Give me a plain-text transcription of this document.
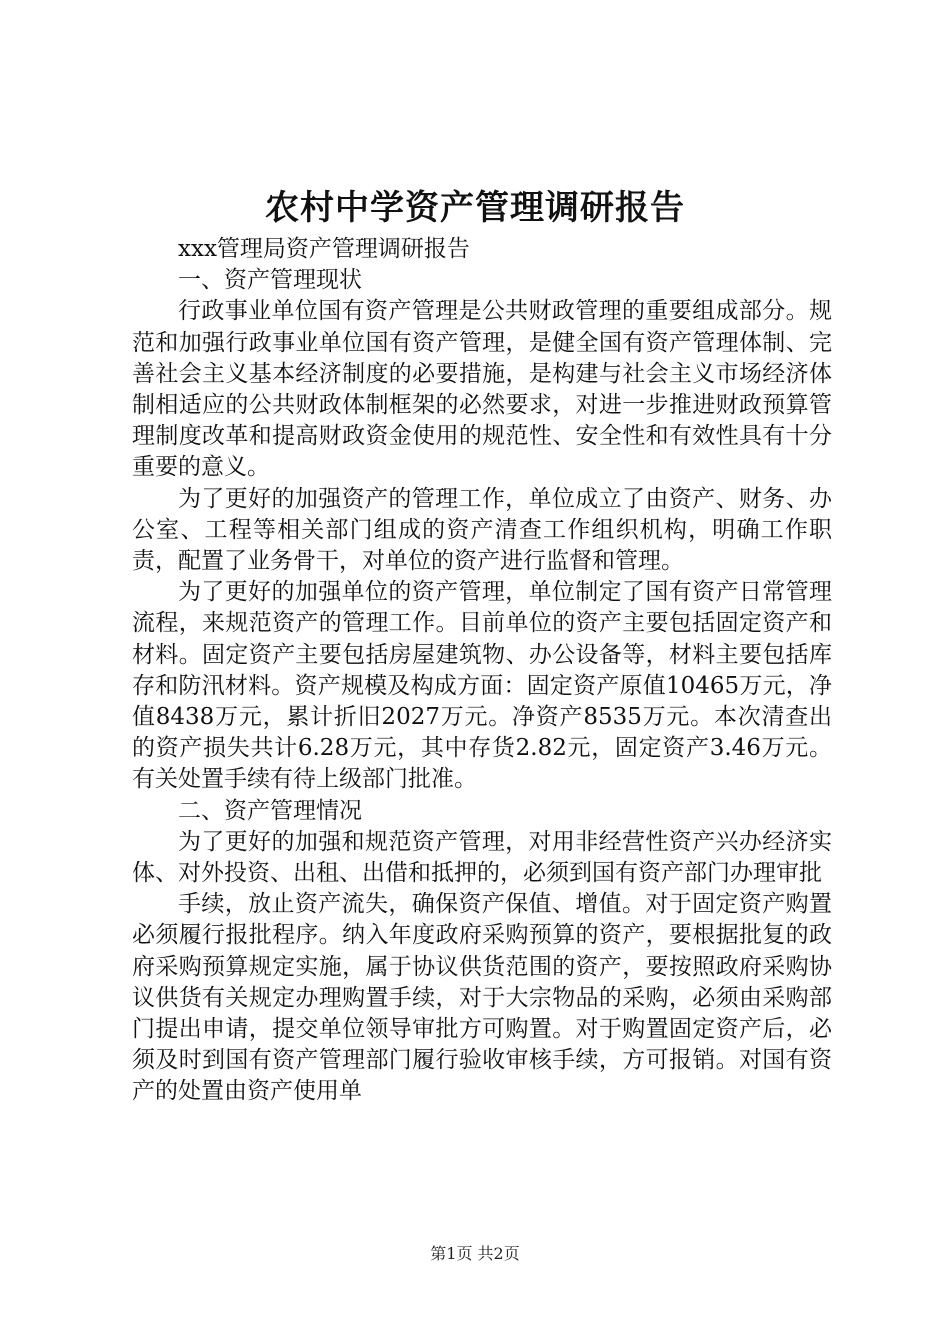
农村中学资产管理调研报告

xxx管理局资产管理调研报告

一、资产管理现状

行政事业单位国有资产管理是公共财政管理的重要组成部分。规范和加强行政事业单位国有资产管理，是健全国有资产管理体制、完善社会主义基本经济制度的必要措施，是构建与社会主义市场经济体制相适应的公共财政体制框架的必然要求，对进一步推进财政预算管理制度改革和提高财政资金使用的规范性、安全性和有效性具有十分重要的意义。

为了更好的加强资产的管理工作，单位成立了由资产、财务、办公室、工程等相关部门组成的资产清查工作组织机构，明确工作职责，配置了业务骨干，对单位的资产进行监督和管理。

为了更好的加强单位的资产管理，单位制定了国有资产日常管理流程，来规范资产的管理工作。目前单位的资产主要包括固定资产和材料。固定资产主要包括房屋建筑物、办公设备等，材料主要包括库存和防汛材料。资产规模及构成方面：固定资产原值10465万元，净值8438万元，累计折旧2027万元。净资产8535万元。本次清查出的资产损失共计6.28万元，其中存货2.82元，固定资产3.46万元。有关处置手续有待上级部门批准。

二、资产管理情况

为了更好的加强和规范资产管理，对用非经营性资产兴办经济实体、对外投资、出租、出借和抵押的，必须到国有资产部门办理审批

手续，放止资产流失，确保资产保值、增值。对于固定资产购置必须履行报批程序。纳入年度政府采购预算的资产，要根据批复的政府采购预算规定实施，属于协议供货范围的资产，要按照政府采购协议供货有关规定办理购置手续，对于大宗物品的采购，必须由采购部门提出申请，提交单位领导审批方可购置。对于购置固定资产后，必须及时到国有资产管理部门履行验收审核手续，方可报销。对国有资产的处置由资产使用单

第1页 共2页
